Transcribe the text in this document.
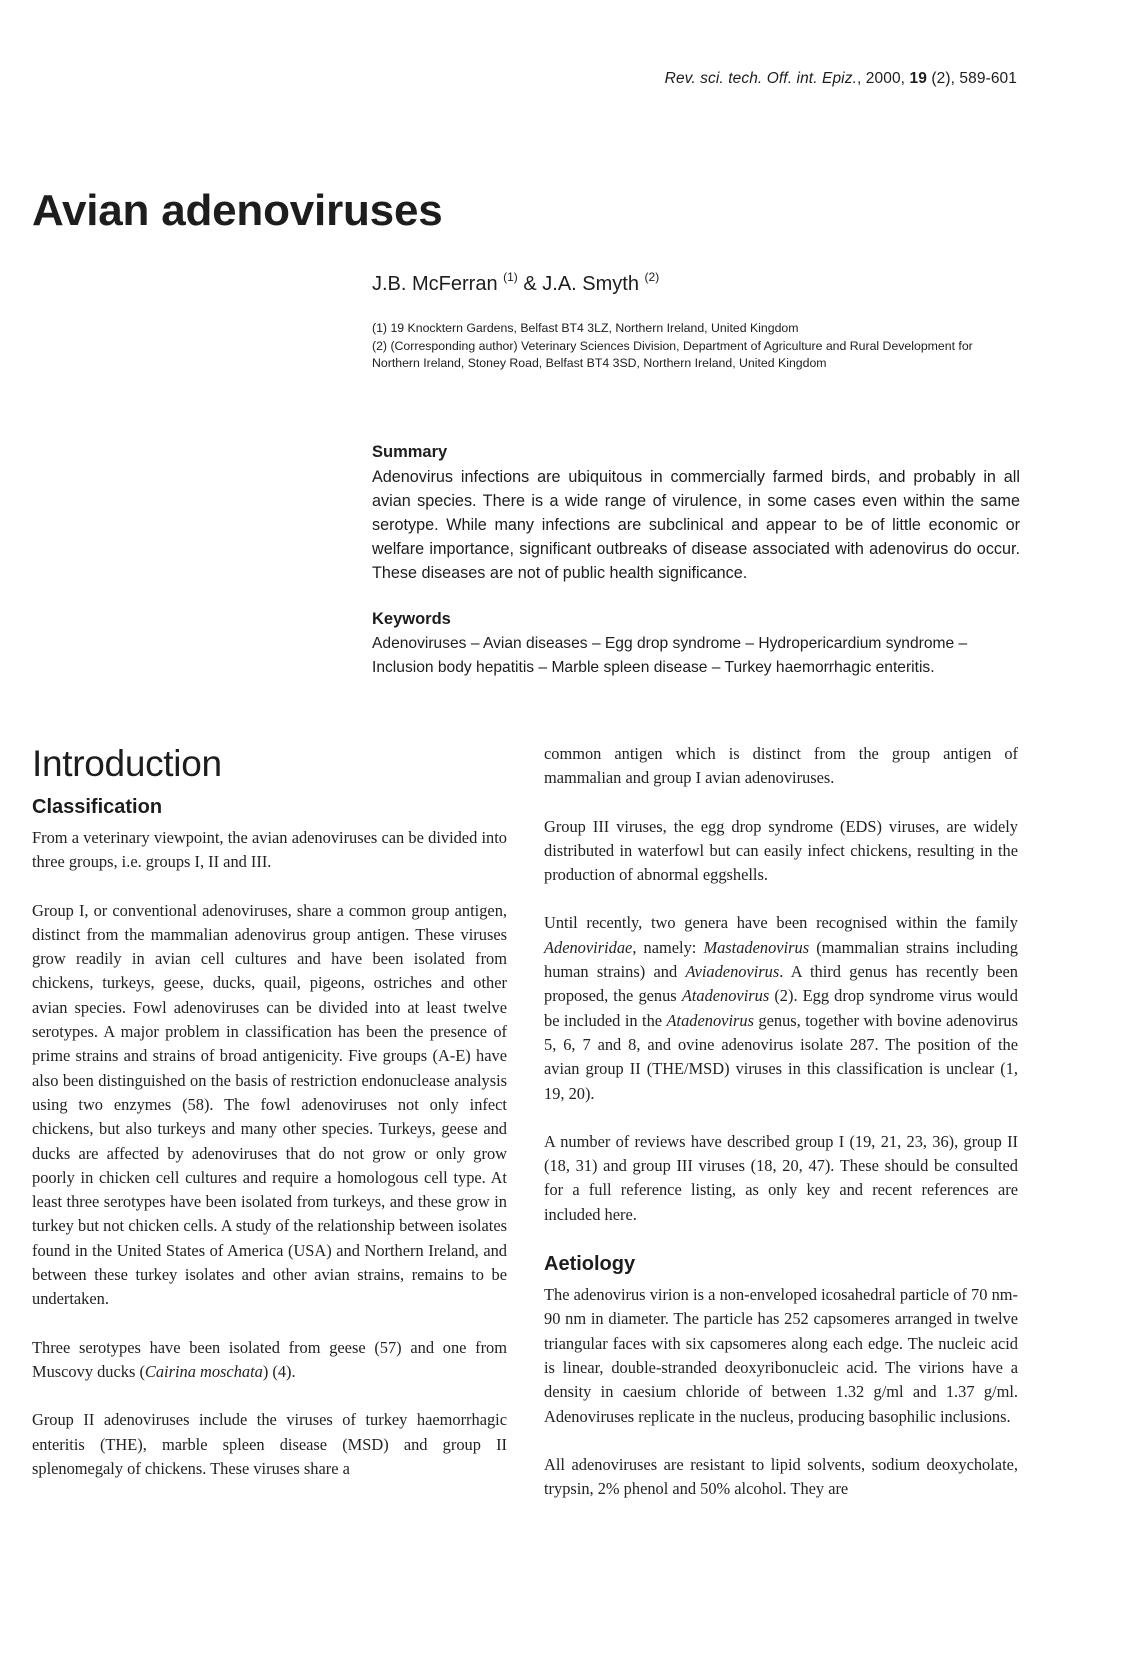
Rev. sci. tech. Off. int. Epiz., 2000, 19 (2), 589-601
Avian adenoviruses
J.B. McFerran $^{(1)}$ & J.A. Smyth $^{(2)}$

(1) 19 Knocktern Gardens, Belfast BT4 3LZ, Northern Ireland, United Kingdom

(2) (Corresponding author) Veterinary Sciences Division, Department of Agriculture and Rural Development for Northern Ireland, Stoney Road, Belfast BT4 3SD, Northern Ireland, United Kingdom

Summary

Adenovirus infections are ubiquitous in commercially farmed birds, and probably in all avian species. There is a wide range of virulence, in some cases even within the same serotype. While many infections are subclinical and appear to be of little economic or welfare importance, significant outbreaks of disease associated with adenovirus do occur. These diseases are not of public health significance.

Keywords

Adenoviruses – Avian diseases – Egg drop syndrome – Hydropericardium syndrome – Inclusion body hepatitis – Marble spleen disease – Turkey haemorrhagic enteritis.

Introduction
Classification

From a veterinary viewpoint, the avian adenoviruses can be divided into three groups, i.e. groups I, II and III.

Group I, or conventional adenoviruses, share a common group antigen, distinct from the mammalian adenovirus group antigen. These viruses grow readily in avian cell cultures and have been isolated from chickens, turkeys, geese, ducks, quail, pigeons, ostriches and other avian species. Fowl adenoviruses can be divided into at least twelve serotypes. A major problem in classification has been the presence of prime strains and strains of broad antigenicity. Five groups (A-E) have also been distinguished on the basis of restriction endonuclease analysis using two enzymes (58). The fowl adenoviruses not only infect chickens, but also turkeys and many other species. Turkeys, geese and ducks are affected by adenoviruses that do not grow or only grow poorly in chicken cell cultures and require a homologous cell type. At least three serotypes have been isolated from turkeys, and these grow in turkey but not chicken cells. A study of the relationship between isolates found in the United States of America (USA) and Northern Ireland, and between these turkey isolates and other avian strains, remains to be undertaken.

Three serotypes have been isolated from geese (57) and one from Muscovy ducks (Cairina moschata) (4).

Group II adenoviruses include the viruses of turkey haemorrhagic enteritis (THE), marble spleen disease (MSD) and group II splenomegaly of chickens. These viruses share a

common antigen which is distinct from the group antigen of mammalian and group I avian adenoviruses.

Group III viruses, the egg drop syndrome (EDS) viruses, are widely distributed in waterfowl but can easily infect chickens, resulting in the production of abnormal eggshells.

Until recently, two genera have been recognised within the family Adenoviridae, namely: Mastadenovirus (mammalian strains including human strains) and Aviadenovirus. A third genus has recently been proposed, the genus Atadenovirus (2). Egg drop syndrome virus would be included in the Atadenovirus genus, together with bovine adenovirus 5, 6, 7 and 8, and ovine adenovirus isolate 287. The position of the avian group II (THE/MSD) viruses in this classification is unclear (1, 19, 20).

A number of reviews have described group I (19, 21, 23, 36), group II (18, 31) and group III viruses (18, 20, 47). These should be consulted for a full reference listing, as only key and recent references are included here.

Aetiology

The adenovirus virion is a non-enveloped icosahedral particle of 70 nm-90 nm in diameter. The particle has 252 capsomeres arranged in twelve triangular faces with six capsomeres along each edge. The nucleic acid is linear, double-stranded deoxyribonucleic acid. The virions have a density in caesium chloride of between 1.32 g/ml and 1.37 g/ml. Adenoviruses replicate in the nucleus, producing basophilic inclusions.

All adenoviruses are resistant to lipid solvents, sodium deoxycholate, trypsin, 2% phenol and 50% alcohol. They are
